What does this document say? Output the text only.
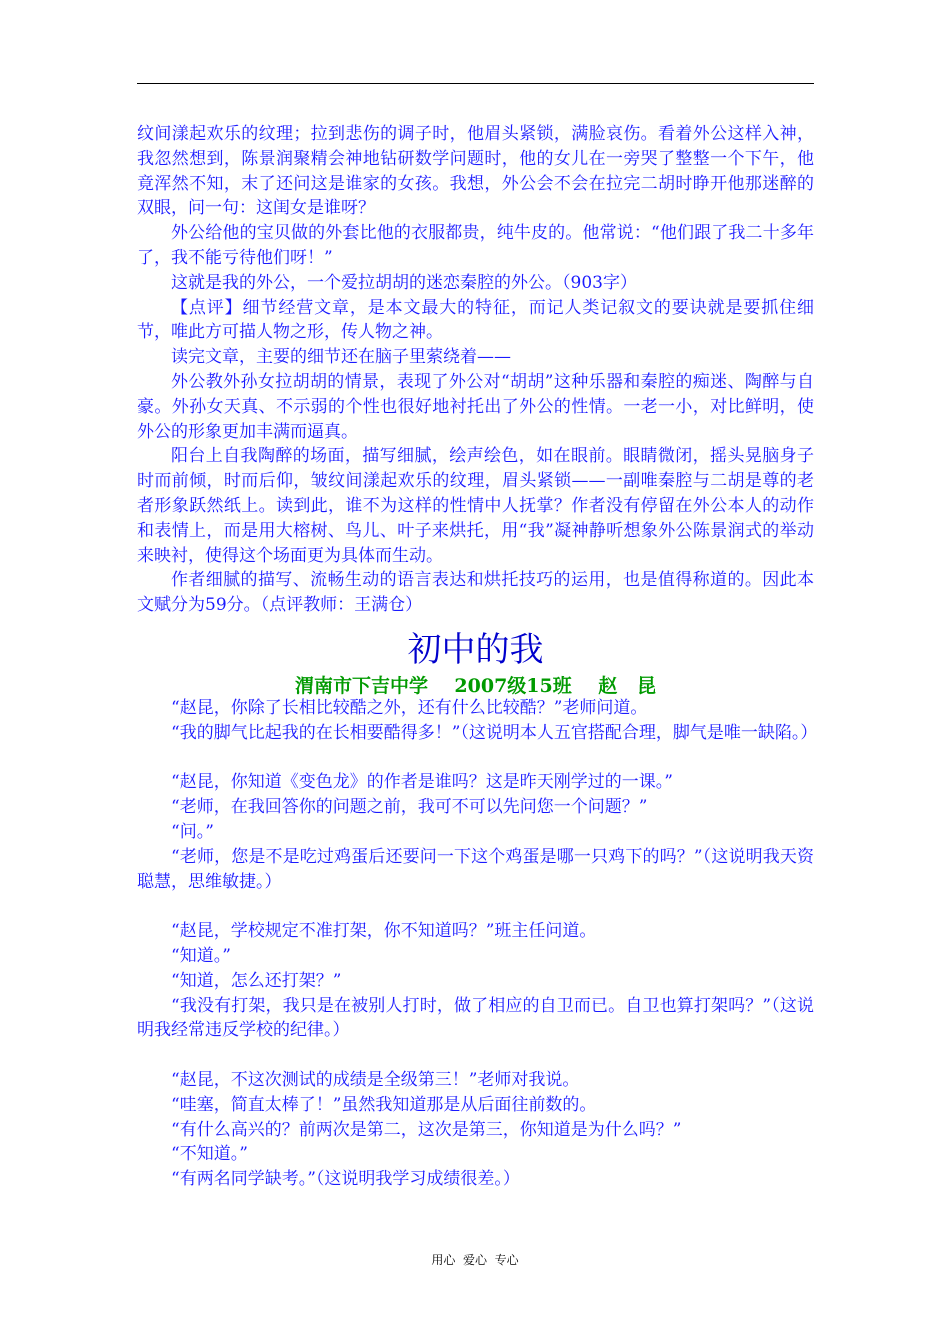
纹间漾起欢乐的纹理；拉到悲伤的调子时，他眉头紧锁，满脸哀伤。看着外公这样入神，我忽然想到，陈景润聚精会神地钻研数学问题时，他的女儿在一旁哭了整整一个下午，他竟浑然不知，末了还问这是谁家的女孩。我想，外公会不会在拉完二胡时睁开他那迷醉的双眼，问一句：这闺女是谁呀？

外公给他的宝贝做的外套比他的衣服都贵，纯牛皮的。他常说：“他们跟了我二十多年了，我不能亏待他们呀！”

这就是我的外公，一个爱拉胡胡的迷恋秦腔的外公。（903字）

【点评】细节经营文章，是本文最大的特征，而记人类记叙文的要诀就是要抓住细节，唯此方可描人物之形，传人物之神。

读完文章，主要的细节还在脑子里萦绕着——

外公教外孙女拉胡胡的情景，表现了外公对“胡胡”这种乐器和秦腔的痴迷、陶醉与自豪。外孙女天真、不示弱的个性也很好地衬托出了外公的性情。一老一小，对比鲜明，使外公的形象更加丰满而逼真。

阳台上自我陶醉的场面，描写细腻，绘声绘色，如在眼前。眼睛微闭，摇头晃脑身子时而前倾，时而后仰，皱纹间漾起欢乐的纹理，眉头紧锁——一副唯秦腔与二胡是尊的老者形象跃然纸上。读到此，谁不为这样的性情中人抚掌？作者没有停留在外公本人的动作和表情上，而是用大榕树、鸟儿、叶子来烘托，用“我”凝神静听想象外公陈景润式的举动来映衬，使得这个场面更为具体而生动。

作者细腻的描写、流畅生动的语言表达和烘托技巧的运用，也是值得称道的。因此本文赋分为59分。（点评教师：王满仓）

初中的我
渭南市下吉中学    2007级15班    赵   昆

“赵昆，你除了长相比较酷之外，还有什么比较酷？”老师问道。

“我的脚气比起我的在长相要酷得多！”（这说明本人五官搭配合理，脚气是唯一缺陷。）

“赵昆，你知道《变色龙》的作者是谁吗？这是昨天刚学过的一课。”

“老师，在我回答你的问题之前，我可不可以先问您一个问题？”

“问。”

“老师，您是不是吃过鸡蛋后还要问一下这个鸡蛋是哪一只鸡下的吗？”（这说明我天资聪慧，思维敏捷。）

“赵昆，学校规定不准打架，你不知道吗？”班主任问道。

“知道。”

“知道，怎么还打架？”

“我没有打架，我只是在被别人打时，做了相应的自卫而已。自卫也算打架吗？”（这说明我经常违反学校的纪律。）

“赵昆，不这次测试的成绩是全级第三！”老师对我说。

“哇塞，简直太棒了！”虽然我知道那是从后面往前数的。

“有什么高兴的？前两次是第二，这次是第三，你知道是为什么吗？”

“不知道。”

“有两名同学缺考。”（这说明我学习成绩很差。）

用心  爱心  专心
